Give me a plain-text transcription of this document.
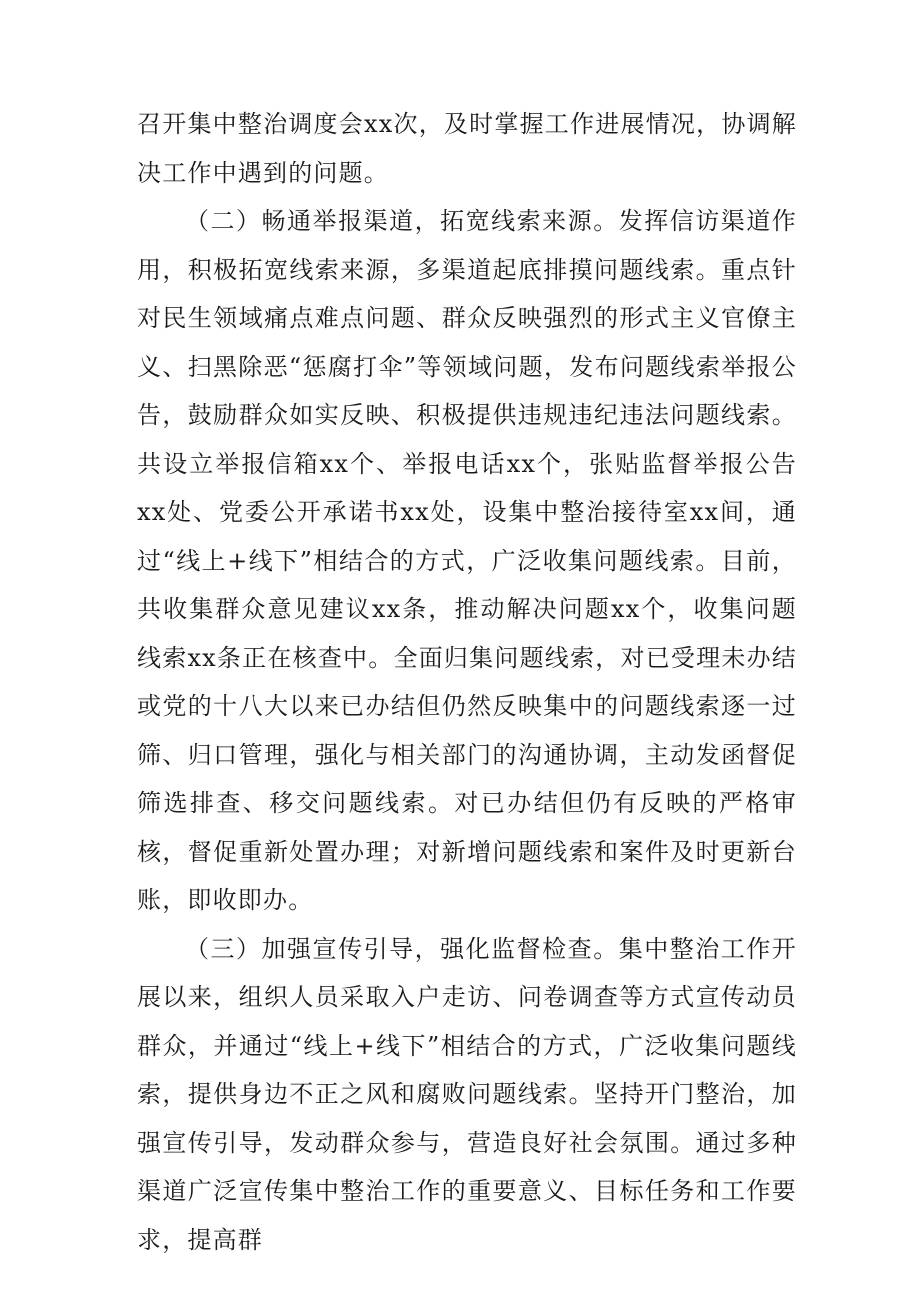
召开集中整治调度会xx次，及时掌握工作进展情况，协调解决工作中遇到的问题。

（二）畅通举报渠道，拓宽线索来源。发挥信访渠道作用，积极拓宽线索来源，多渠道起底排摸问题线索。重点针对民生领域痛点难点问题、群众反映强烈的形式主义官僚主义、扫黑除恶“惩腐打伞”等领域问题，发布问题线索举报公告，鼓励群众如实反映、积极提供违规违纪违法问题线索。共设立举报信箱xx个、举报电话xx个，张贴监督举报公告xx处、党委公开承诺书xx处，设集中整治接待室xx间，通过“线上+线下”相结合的方式，广泛收集问题线索。目前，共收集群众意见建议xx条，推动解决问题xx个，收集问题线索xx条正在核查中。全面归集问题线索，对已受理未办结或党的十八大以来已办结但仍然反映集中的问题线索逐一过筛、归口管理，强化与相关部门的沟通协调，主动发函督促筛选排查、移交问题线索。对已办结但仍有反映的严格审核，督促重新处置办理；对新增问题线索和案件及时更新台账，即收即办。

（三）加强宣传引导，强化监督检查。集中整治工作开展以来，组织人员采取入户走访、问卷调查等方式宣传动员群众，并通过“线上+线下”相结合的方式，广泛收集问题线索，提供身边不正之风和腐败问题线索。坚持开门整治，加强宣传引导，发动群众参与，营造良好社会氛围。通过多种渠道广泛宣传集中整治工作的重要意义、目标任务和工作要求，提高群
